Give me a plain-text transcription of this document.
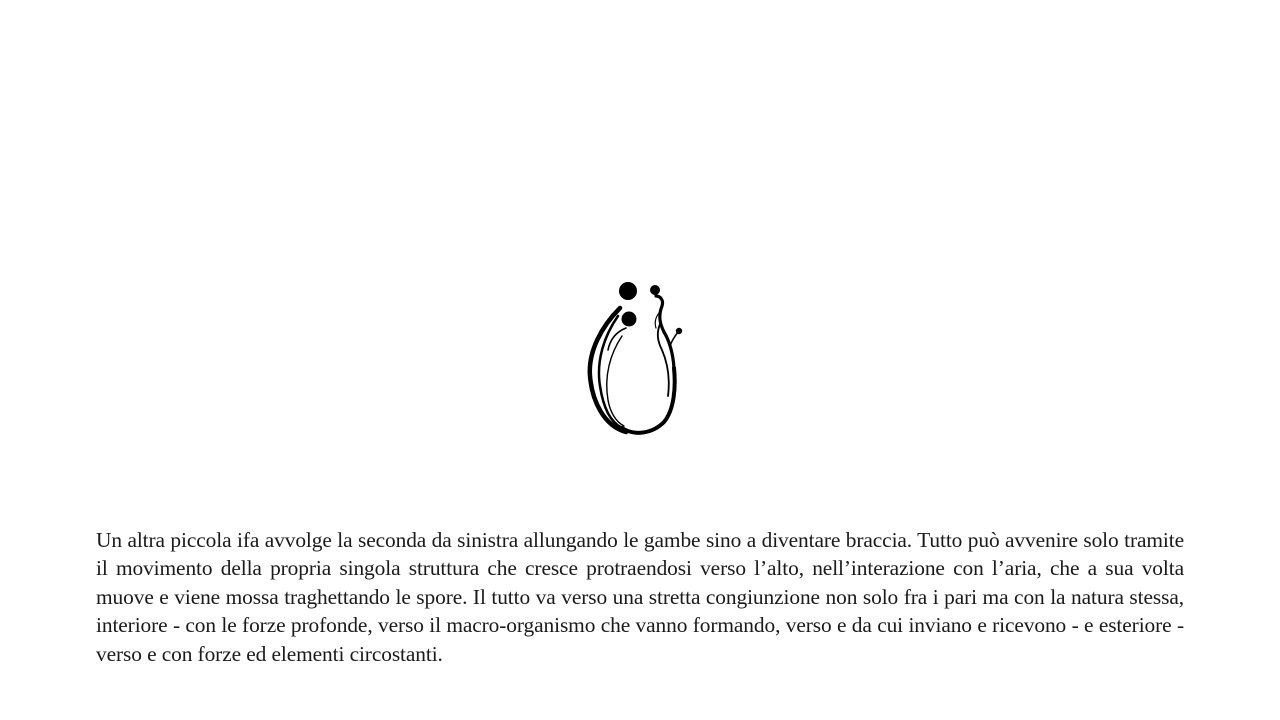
Un altra piccola ifa avvolge la seconda da sinistra allungando le gambe sino a diventare braccia. Tutto può avvenire solo tramite il movimento della propria singola struttura che cresce protraendosi verso l’alto, nell’interazione con l’aria, che a sua volta muove e viene mossa traghettando le spore. Il tutto va verso una stretta congiunzione non solo fra i pari ma con la natura stessa, interiore - con le forze profonde, verso il macro-organismo che vanno formando, verso e da cui inviano e ricevono - e esteriore - verso e con forze ed elementi circostanti.
